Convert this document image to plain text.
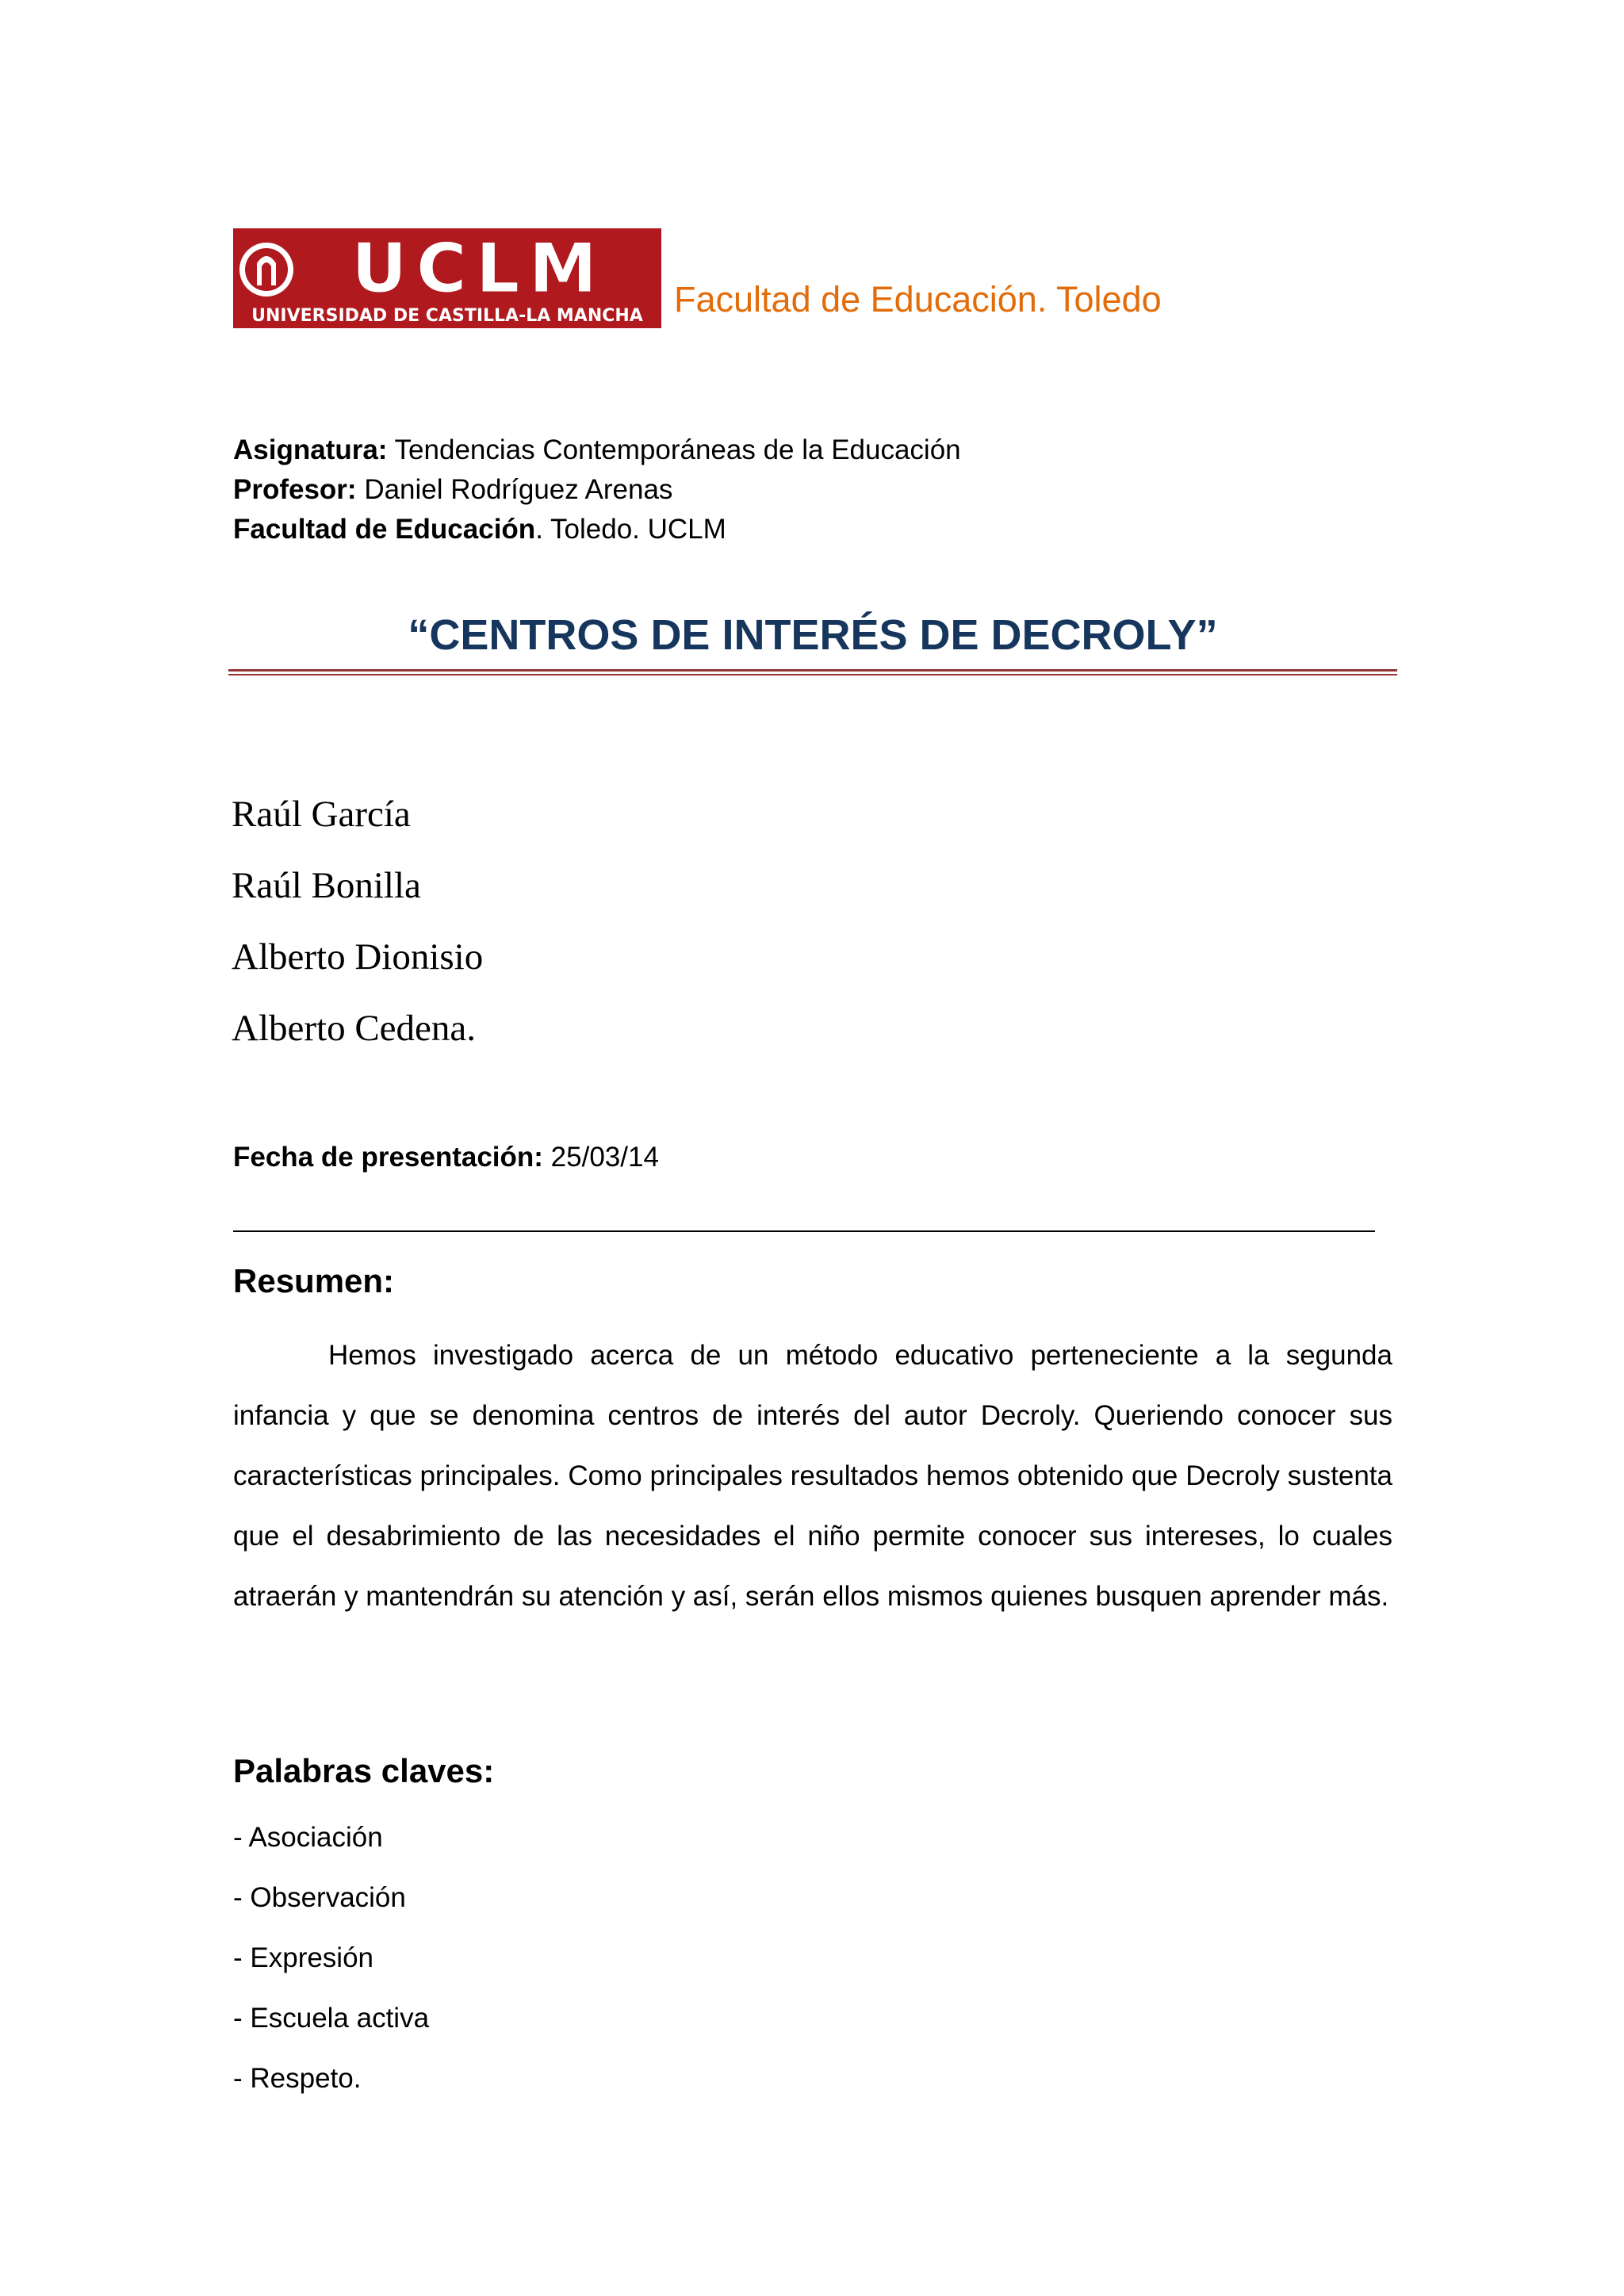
UCLM
UNIVERSIDAD DE CASTILLA-LA MANCHA Facultad de Educación. Toledo
Asignatura: Tendencias Contemporáneas de la Educación
Profesor: Daniel Rodríguez Arenas
Facultad de Educación. Toledo. UCLM
“CENTROS DE INTERÉS DE DECROLY”
Raúl García
Raúl Bonilla
Alberto Dionisio
Alberto Cedena.
Fecha de presentación: 25/03/14
Resumen:

Hemos investigado acerca de un método educativo perteneciente a la segunda infancia y que se denomina centros de interés del autor Decroly. Queriendo conocer sus características principales. Como principales resultados hemos obtenido que Decroly sustenta que el desabrimiento de las necesidades el niño permite conocer sus intereses, lo cuales atraerán y mantendrán su atención y así, serán ellos mismos quienes busquen aprender más.

Palabras claves:
- Asociación
- Observación
- Expresión
- Escuela activa
- Respeto.
